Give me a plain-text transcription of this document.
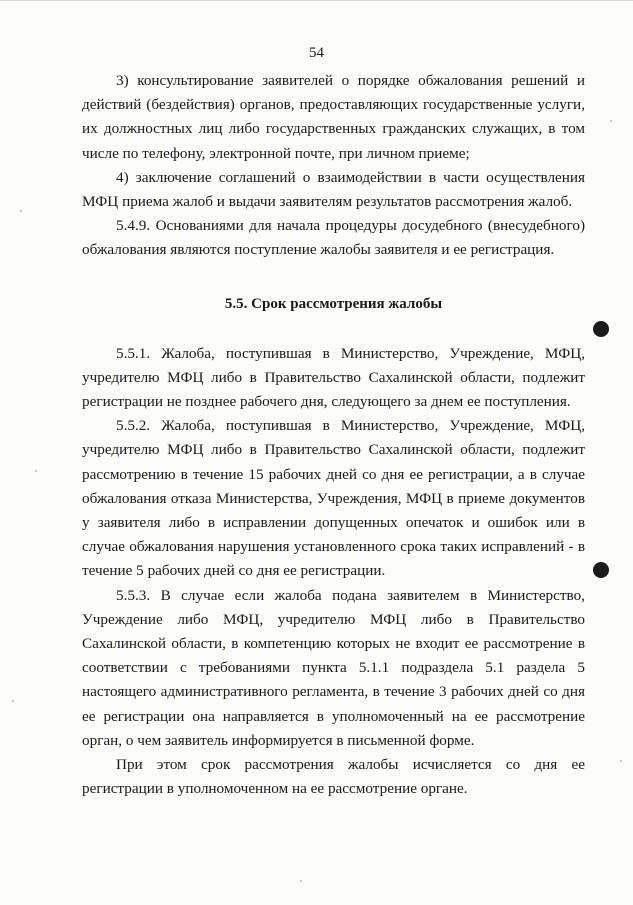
54

3) консультирование заявителей о порядке обжалования решений и действий (бездействия) органов, предоставляющих государственные услуги, их должностных лиц либо государственных гражданских служащих, в том числе по телефону, электронной почте, при личном приеме;

4) заключение соглашений о взаимодействии в части осуществления МФЦ приема жалоб и выдачи заявителям результатов рассмотрения жалоб.

5.4.9. Основаниями для начала процедуры досудебного (внесудебного) обжалования являются поступление жалобы заявителя и ее регистрация.

5.5. Срок рассмотрения жалобы

5.5.1. Жалоба, поступившая в Министерство, Учреждение, МФЦ, учредителю МФЦ либо в Правительство Сахалинской области, подлежит регистрации не позднее рабочего дня, следующего за днем ее поступления.

5.5.2. Жалоба, поступившая в Министерство, Учреждение, МФЦ, учредителю МФЦ либо в Правительство Сахалинской области, подлежит рассмотрению в течение 15 рабочих дней со дня ее регистрации, а в случае обжалования отказа Министерства, Учреждения, МФЦ в приеме документов у заявителя либо в исправлении допущенных опечаток и ошибок или в случае обжалования нарушения установленного срока таких исправлений - в течение 5 рабочих дней со дня ее регистрации.

5.5.3. В случае если жалоба подана заявителем в Министерство, Учреждение либо МФЦ, учредителю МФЦ либо в Правительство Сахалинской области, в компетенцию которых не входит ее рассмотрение в соответствии с требованиями пункта 5.1.1 подраздела 5.1 раздела 5 настоящего административного регламента, в течение 3 рабочих дней со дня ее регистрации она направляется в уполномоченный на ее рассмотрение орган, о чем заявитель информируется в письменной форме.

При этом срок рассмотрения жалобы исчисляется со дня ее регистрации в уполномоченном на ее рассмотрение органе.
